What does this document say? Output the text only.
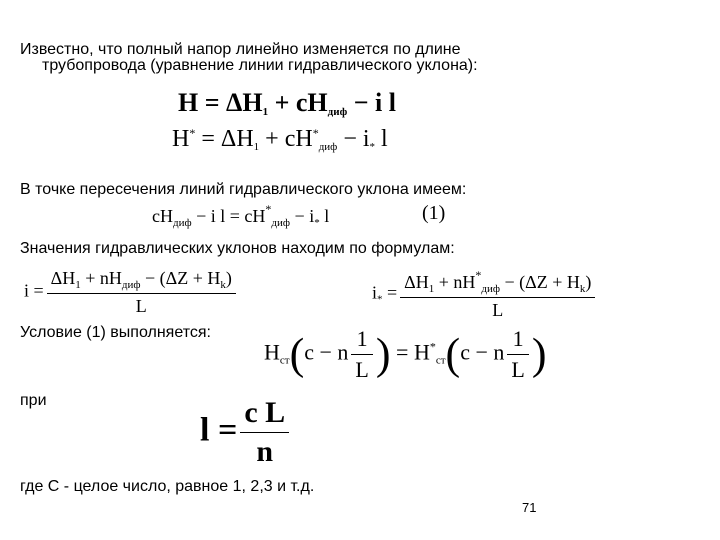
Известно, что полный напор линейно изменяется по длине
трубопровода (уравнение линии гидравлического уклона):
$H = \Delta H_1 + cH_{диф} - i$ l
$H^* = \Delta H_1 + cH^*_{диф} - i_*$ l
В точке пересечения линий гидравлического уклона имеем:
$cH_{диф} - i$ $l = cH^*_{диф} - i_*$ l	(1)
Значения гидравлических уклонов находим по формулам:
$i = \frac{\Delta H_1 + nH_{диф} - (\Delta Z + H_k)}{L}$	$i_* = \frac{\Delta H_1 + nH^*_{диф} - (\Delta Z + H_k)}{L}$
Условие (1) выполняется:
$H_{ст}(c - n \frac{1}{L}$ ) = $H^*_{ст}(c - n \frac{1}{L}$ )
при
$l = \frac{\text{c L}}{n}$
где С - целое число, равное 1, 2,3 и т.д.
71
